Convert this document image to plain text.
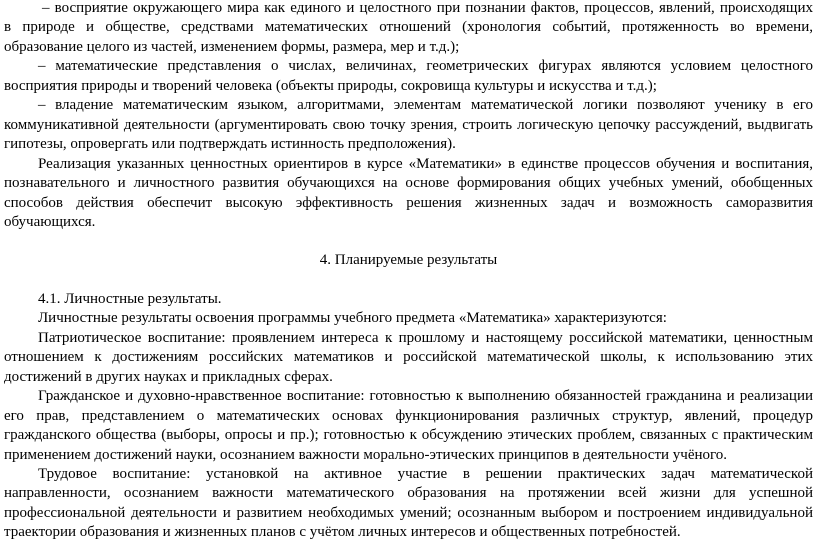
– восприятие окружающего мира как единого и целостного при познании фактов, процессов, явлений, происходящих
в природе и обществе, средствами математических отношений (хронология событий, протяженность во времени,
образование целого из частей, изменением формы, размера, мер и т.д.);
– математические представления о числах, величинах, геометрических фигурах являются условием целостного
восприятия природы и творений человека (объекты природы, сокровища культуры и искусства и т.д.);
– владение математическим языком, алгоритмами, элементам математической логики позволяют ученику в его
коммуникативной деятельности (аргументировать свою точку зрения, строить логическую цепочку рассуждений, выдвигать
гипотезы, опровергать или подтверждать истинность предположения).
Реализация указанных ценностных ориентиров в курсе «Математики» в единстве процессов обучения и воспитания,
познавательного и личностного развития обучающихся на основе формирования общих учебных умений, обобщенных
способов действия обеспечит высокую эффективность решения жизненных задач и возможность саморазвития
обучающихся.

4. Планируемые результаты

4.1. Личностные результаты.

Личностные результаты освоения программы учебного предмета «Математика» характеризуются:

Патриотическое воспитание: проявлением интереса к прошлому и настоящему российской математики, ценностным
отношением к достижениям российских математиков и российской математической школы, к использованию этих
достижений в других науках и прикладных сферах.
Гражданское и духовно-нравственное воспитание: готовностью к выполнению обязанностей гражданина и реализации
его прав, представлением о математических основах функционирования различных структур, явлений, процедур
гражданского общества (выборы, опросы и пр.); готовностью к обсуждению этических проблем, связанных с практическим
применением достижений науки, осознанием важности морально-этических принципов в деятельности учёного.
Трудовое воспитание: установкой на активное участие в решении практических задач математической
направленности, осознанием важности математического образования на протяжении всей жизни для успешной
профессиональной деятельности и развитием необходимых умений; осознанным выбором и построением индивидуальной
траектории образования и жизненных планов с учётом личных интересов и общественных потребностей.
